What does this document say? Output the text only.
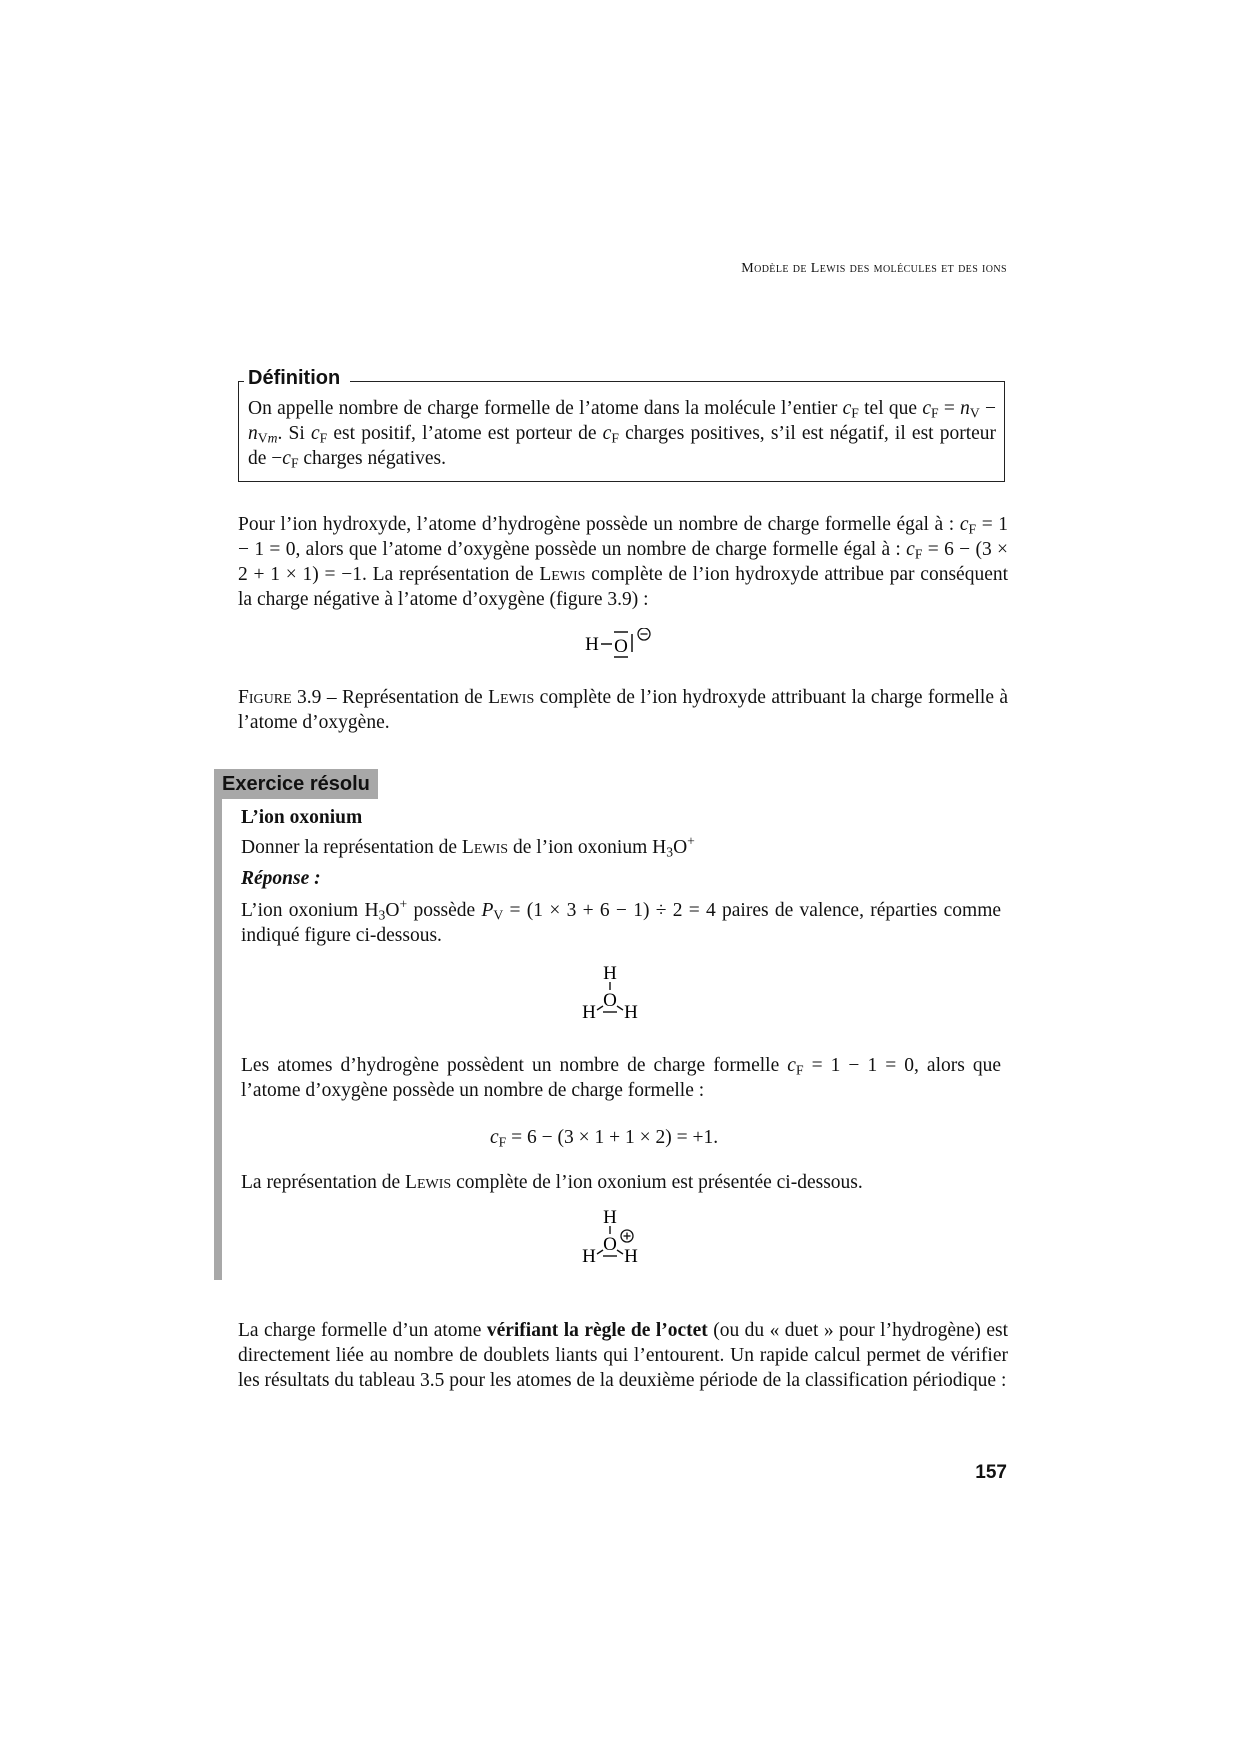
Modèle de Lewis des molécules et des ions
Définition
On appelle nombre de charge formelle de l’atome dans la molécule l’entier $c_F$ tel que $c_F = n_V - n_{Vm}$. Si $c_F$ est positif, l’atome est porteur de $c_F$ charges positives, s’il est négatif, il est porteur de $-c_F$ charges négatives.
Pour l’ion hydroxyde, l’atome d’hydrogène possède un nombre de charge formelle égal à : $c_F = 1 - 1 = 0$, alors que l’atome d’oxygène possède un nombre de charge formelle égal à : $c_F = 6 - (3 \times 2 + 1 \times 1) = -1$. La représentation de Lewis complète de l’ion hydroxyde attribue par conséquent la charge négative à l’atome d’oxygène (figure 3.9) :
H O
Figure 3.9 – Représentation de Lewis complète de l’ion hydroxyde attribuant la charge formelle à l’atome d’oxygène.
Exercice résolu
L’ion oxonium
Donner la représentation de Lewis de l’ion oxonium $H_3O^+$
Réponse :
L’ion oxonium $H_3O^+$ possède $P_V = (1 \times 3 + 6 - 1) \div 2 = 4$ paires de valence, réparties comme indiqué figure ci-dessous.
H
O
H H
Les atomes d’hydrogène possèdent un nombre de charge formelle $c_F = 1 - 1 = 0$, alors que l’atome d’oxygène possède un nombre de charge formelle :
$c_F = 6 - (3 \times 1 + 1 \times 2) = +1$.
La représentation de Lewis complète de l’ion oxonium est présentée ci-dessous.
H
O
H H
La charge formelle d’un atome vérifiant la règle de l’octet (ou du « duet » pour l’hydrogène) est directement liée au nombre de doublets liants qui l’entourent. Un rapide calcul permet de vérifier les résultats du tableau 3.5 pour les atomes de la deuxième période de la classification périodique :
157
